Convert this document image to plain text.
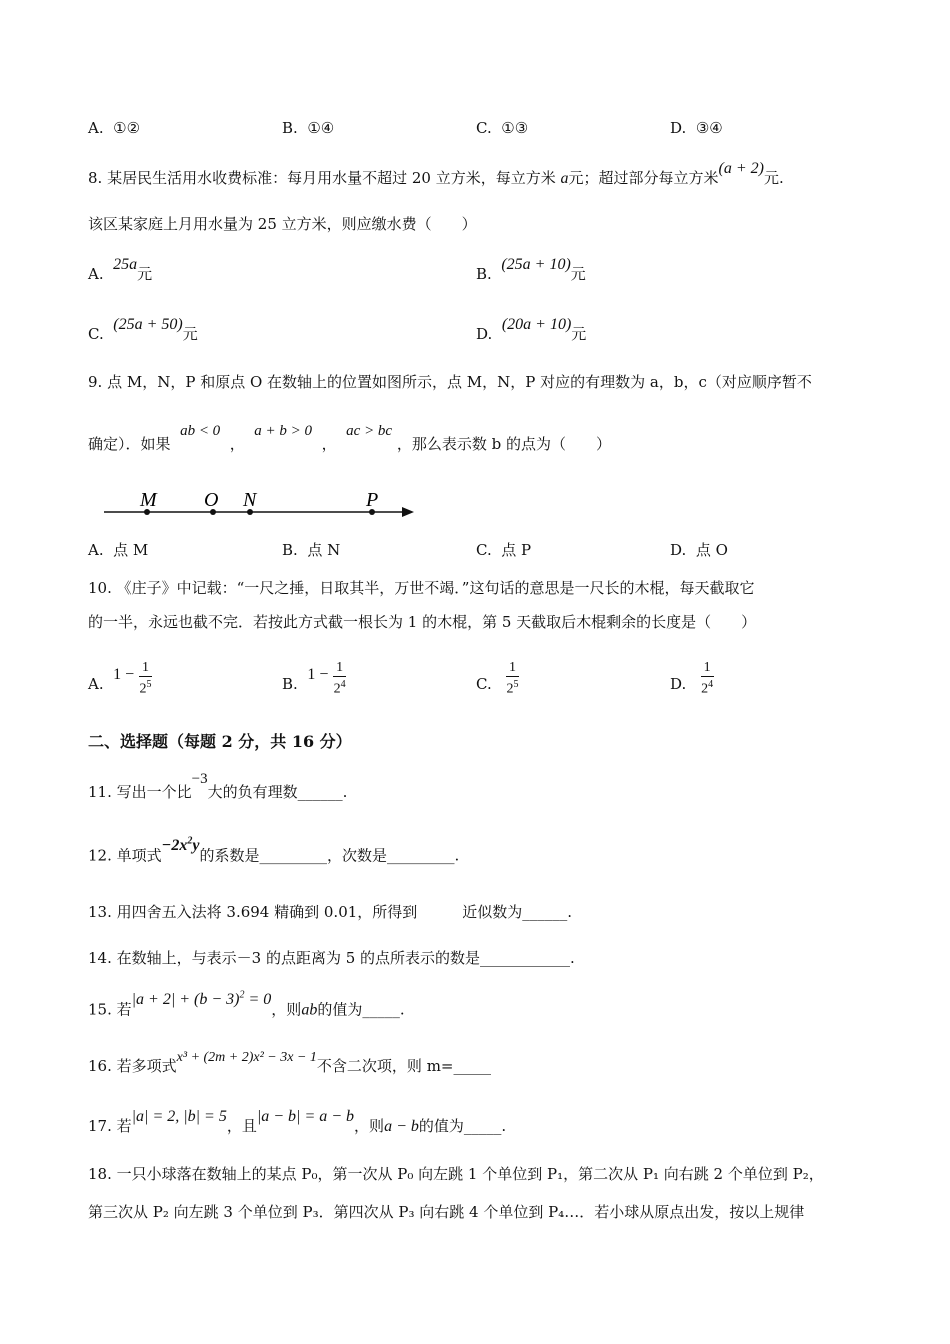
A. ①②	B. ①④	C. ①③	D. ③④
8. 某居民生活用水收费标准：每月用水量不超过 20 立方米，每立方米 a元；超过部分每立方米(a + 2)元.
该区某家庭上月用水量为 25 立方米，则应缴水费（　　）
A.  25a元	B.  (25a + 10)元
C.  (25a + 50)元	D.  (20a + 10)元
9. 点 M，N，P 和原点 O 在数轴上的位置如图所示，点 M，N，P 对应的有理数为 a，b，c（对应顺序暂不
确定）．如果  ab < 0  ，  a + b > 0  ，  ac > bc ，那么表示数 b 的点为（　　）
M O N	P
A. 点 M	B. 点 N	C. 点 P	D. 点 O
10. 《庄子》中记载：“一尺之捶，日取其半，万世不竭．”这句话的意思是一尺长的木棍，每天截取它
的一半，永远也截不完．若按此方式截一根长为 1 的木棍，第 5 天截取后木棍剩余的长度是（　　）
A.  $1 - \frac{1}{2^5}$	B.  $1 - \frac{1}{2^4}$	C. $\frac{1}{2^5}$	D. $\frac{1}{2^4}$
二、选择题（每题 2 分，共 16 分）
11. 写出一个比−3大的负有理数______.
12. 单项式$-2x^2y$的系数是_________，次数是_________.
13. 用四舍五入法将 3.694 精确到 0.01，所得到　　　近似数为______.
14. 在数轴上，与表示－3 的点距离为 5 的点所表示的数是____________.
15. 若$|a + 2| + (b - 3)^2 = 0$，则ab的值为_____.
16. 若多项式x³ + (2m + 2)x² − 3x − 1不含二次项，则 m=_____
17. 若|a| = 2, |b| = 5，且|a − b| = a − b，则a − b的值为_____.
18. 一只小球落在数轴上的某点 P₀，第一次从 P₀ 向左跳 1 个单位到 P₁，第二次从 P₁ 向右跳 2 个单位到 P₂，
第三次从 P₂ 向左跳 3 个单位到 P₃．第四次从 P₃ 向右跳 4 个单位到 P₄…．若小球从原点出发，按以上规律
